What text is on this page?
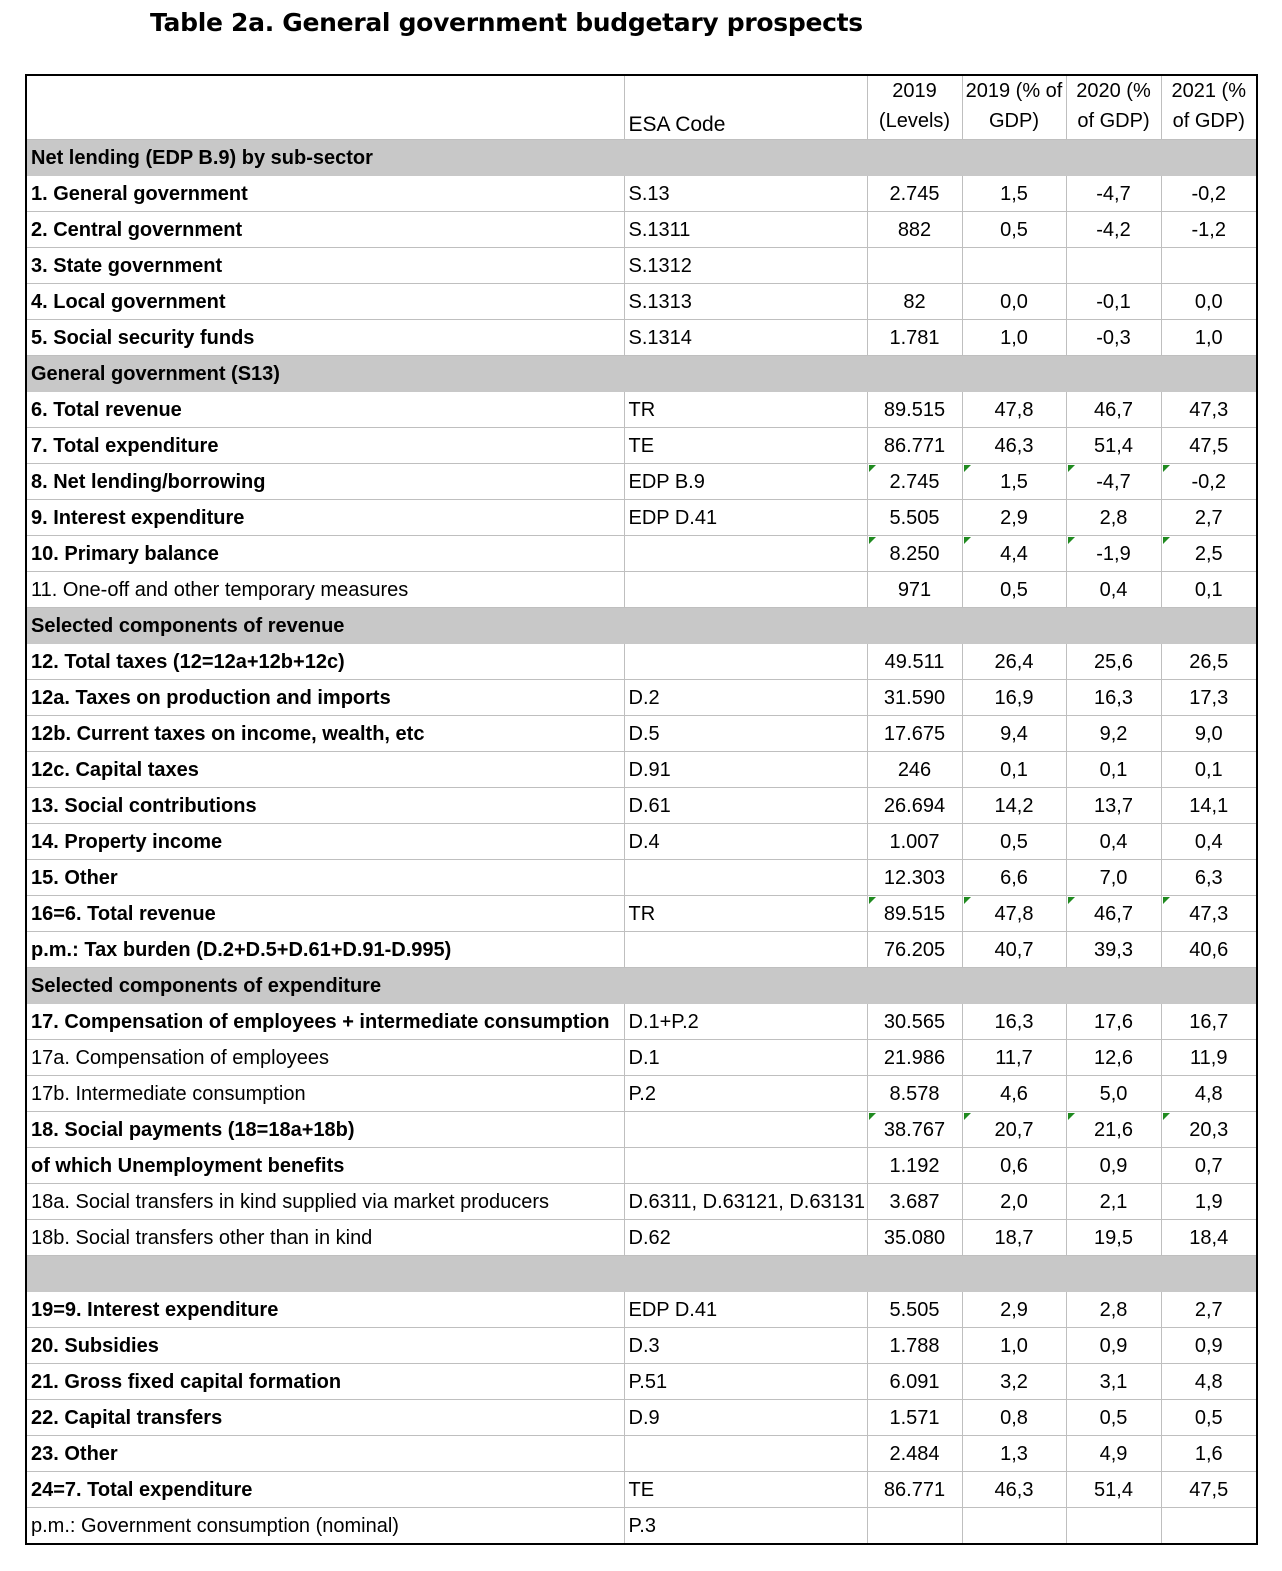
Table 2a. General government budgetary prospects
	ESA Code	2019 (Levels)	2019 (% of GDP)	2020 (% of GDP)	2021 (% of GDP)
Net lending (EDP B.9) by sub-sector					
1. General government	S.13	2.745	1,5	-4,7	-0,2
2. Central government	S.1311	882	0,5	-4,2	-1,2
3. State government	S.1312				
4. Local government	S.1313	82	0,0	-0,1	0,0
5. Social security funds	S.1314	1.781	1,0	-0,3	1,0
General government (S13)					
6. Total revenue	TR	89.515	47,8	46,7	47,3
7. Total expenditure	TE	86.771	46,3	51,4	47,5
8. Net lending/borrowing	EDP B.9	2.745	1,5	-4,7	-0,2
9. Interest expenditure	EDP D.41	5.505	2,9	2,8	2,7
10. Primary balance		8.250	4,4	-1,9	2,5
11. One-off and other temporary measures		971	0,5	0,4	0,1
Selected components of revenue					
12. Total taxes (12=12a+12b+12c)		49.511	26,4	25,6	26,5
12a. Taxes on production and imports	D.2	31.590	16,9	16,3	17,3
12b. Current taxes on income, wealth, etc	D.5	17.675	9,4	9,2	9,0
12c. Capital taxes	D.91	246	0,1	0,1	0,1
13. Social contributions	D.61	26.694	14,2	13,7	14,1
14. Property income	D.4	1.007	0,5	0,4	0,4
15. Other		12.303	6,6	7,0	6,3
16=6. Total revenue	TR	89.515	47,8	46,7	47,3
p.m.: Tax burden (D.2+D.5+D.61+D.91-D.995)		76.205	40,7	39,3	40,6
Selected components of expenditure					
17. Compensation of employees + intermediate consumption	D.1+P.2	30.565	16,3	17,6	16,7
17a. Compensation of employees	D.1	21.986	11,7	12,6	11,9
17b. Intermediate consumption	P.2	8.578	4,6	5,0	4,8
18. Social payments (18=18a+18b)		38.767	20,7	21,6	20,3
of which Unemployment benefits		1.192	0,6	0,9	0,7
18a. Social transfers in kind supplied via market producers	D.6311, D.63121, D.63131	3.687	2,0	2,1	1,9
18b. Social transfers other than in kind	D.62	35.080	18,7	19,5	18,4

19=9. Interest expenditure	EDP D.41	5.505	2,9	2,8	2,7
20. Subsidies	D.3	1.788	1,0	0,9	0,9
21. Gross fixed capital formation	P.51	6.091	3,2	3,1	4,8
22. Capital transfers	D.9	1.571	0,8	0,5	0,5
23. Other		2.484	1,3	4,9	1,6
24=7. Total expenditure	TE	86.771	46,3	51,4	47,5
p.m.: Government consumption (nominal)	P.3				
